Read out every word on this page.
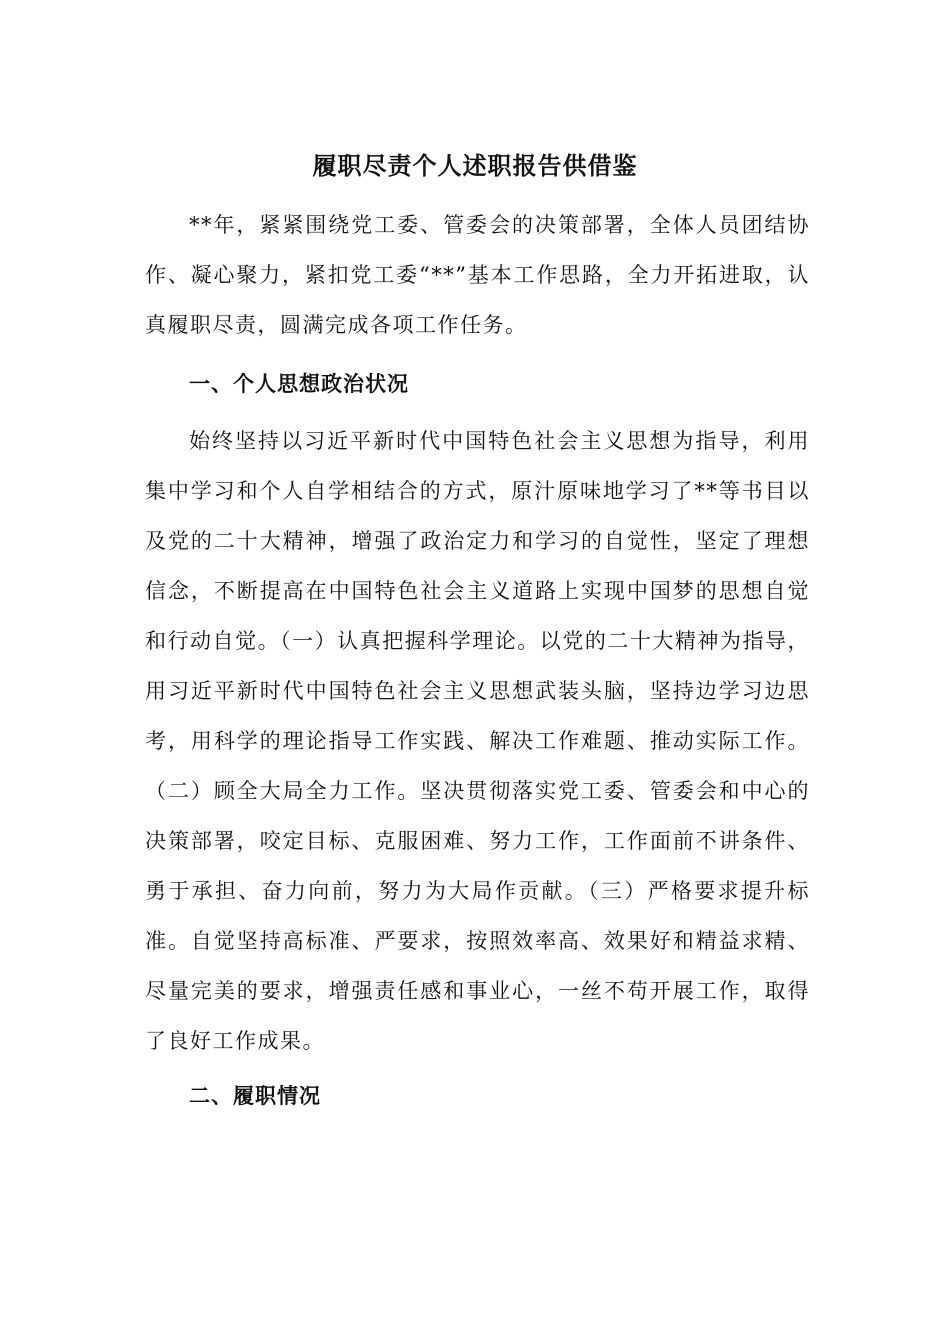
履职尽责个人述职报告供借鉴

**年，紧紧围绕党工委、管委会的决策部署，全体人员团结协作、凝心聚力，紧扣党工委“**”基本工作思路，全力开拓进取，认真履职尽责，圆满完成各项工作任务。

一、个人思想政治状况

始终坚持以习近平新时代中国特色社会主义思想为指导，利用集中学习和个人自学相结合的方式，原汁原味地学习了**等书目以及党的二十大精神，增强了政治定力和学习的自觉性，坚定了理想信念，不断提高在中国特色社会主义道路上实现中国梦的思想自觉和行动自觉。（一）认真把握科学理论。以党的二十大精神为指导，用习近平新时代中国特色社会主义思想武装头脑，坚持边学习边思考，用科学的理论指导工作实践、解决工作难题、推动实际工作。（二）顾全大局全力工作。坚决贯彻落实党工委、管委会和中心的决策部署，咬定目标、克服困难、努力工作，工作面前不讲条件、勇于承担、奋力向前，努力为大局作贡献。（三）严格要求提升标准。自觉坚持高标准、严要求，按照效率高、效果好和精益求精、尽量完美的要求，增强责任感和事业心，一丝不苟开展工作，取得了良好工作成果。

二、履职情况
